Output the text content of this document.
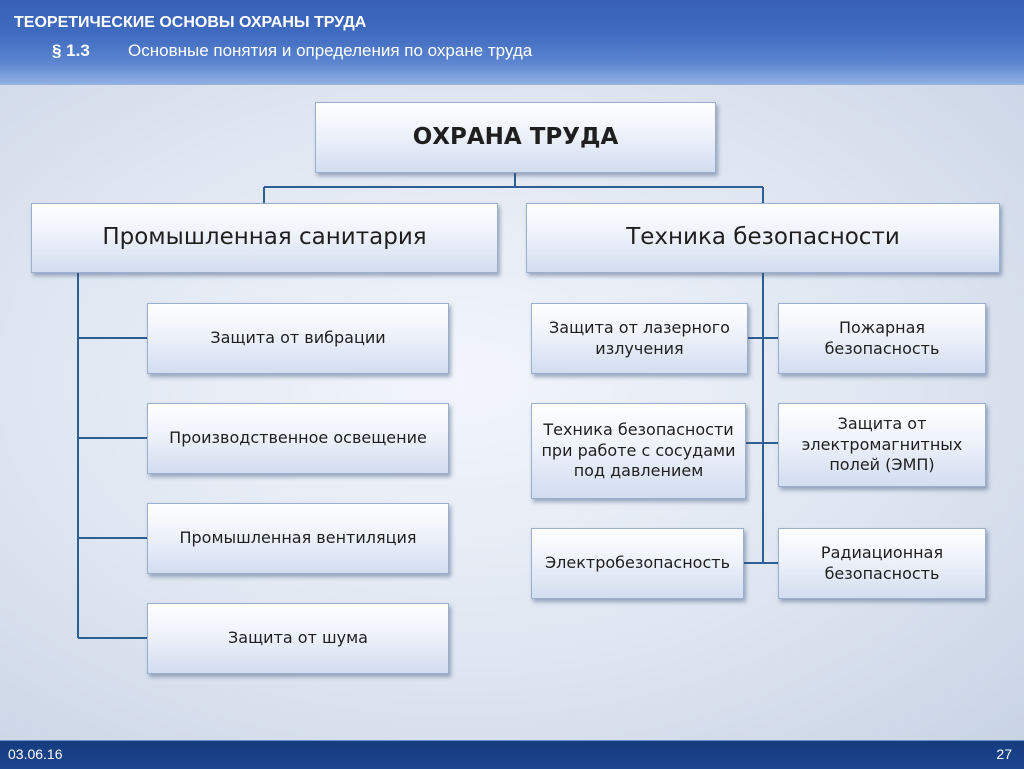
ТЕОРЕТИЧЕСКИЕ ОСНОВЫ ОХРАНЫ ТРУДА
§ 1.3 Основные понятия и определения по охране труда
ОХРАНА ТРУДА
Промышленная санитария	Техника безопасности
Защита от вибрации
Производственное освещение
Промышленная вентиляция
Защита от шума
Защита от лазерного излучения
Техника безопасности при работе с сосудами под давлением
Электробезопасность
Пожарная безопасность
Защита от электромагнитных полей (ЭМП)
Радиационная безопасность
03.06.16	27
